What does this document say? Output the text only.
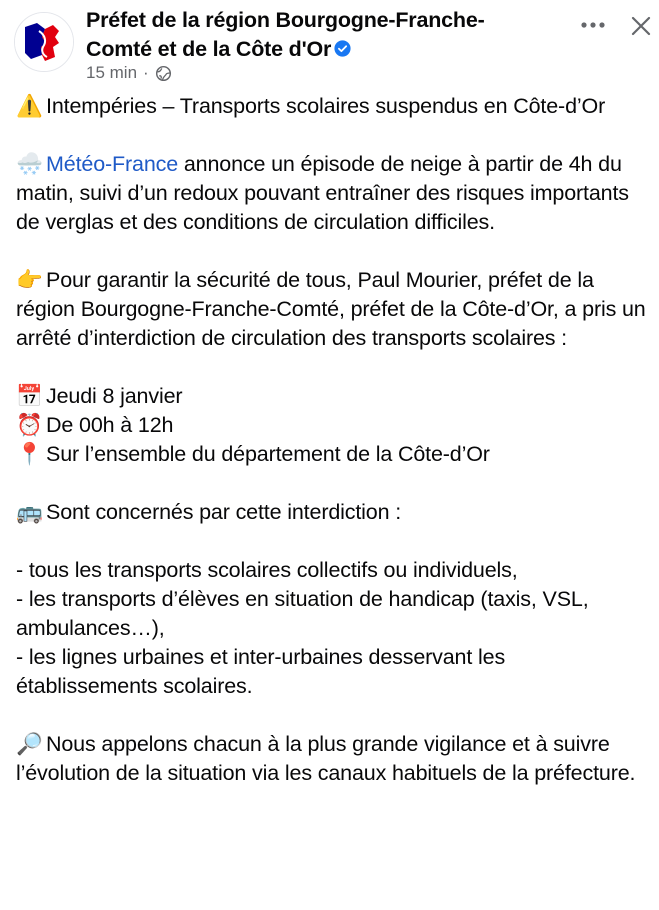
Préfet de la région Bourgogne-Franche-Comté et de la Côte d'Or
15 min ·

⚠️ Intempéries – Transports scolaires suspendus en Côte-d’Or

🌨️ Météo-France annonce un épisode de neige à partir de 4h du matin, suivi d’un redoux pouvant entraîner des risques importants de verglas et des conditions de circulation difficiles.

👉 Pour garantir la sécurité de tous, Paul Mourier, préfet de la région Bourgogne-Franche-Comté, préfet de la Côte-d’Or, a pris un arrêté d’interdiction de circulation des transports scolaires :

📅 Jeudi 8 janvier

⏰ De 00h à 12h

📍 Sur l’ensemble du département de la Côte-d’Or

🚌 Sont concernés par cette interdiction :

- tous les transports scolaires collectifs ou individuels,

- les transports d’élèves en situation de handicap (taxis, VSL, ambulances…),

- les lignes urbaines et inter-urbaines desservant les établissements scolaires.

🔎 Nous appelons chacun à la plus grande vigilance et à suivre l’évolution de la situation via les canaux habituels de la préfecture.
